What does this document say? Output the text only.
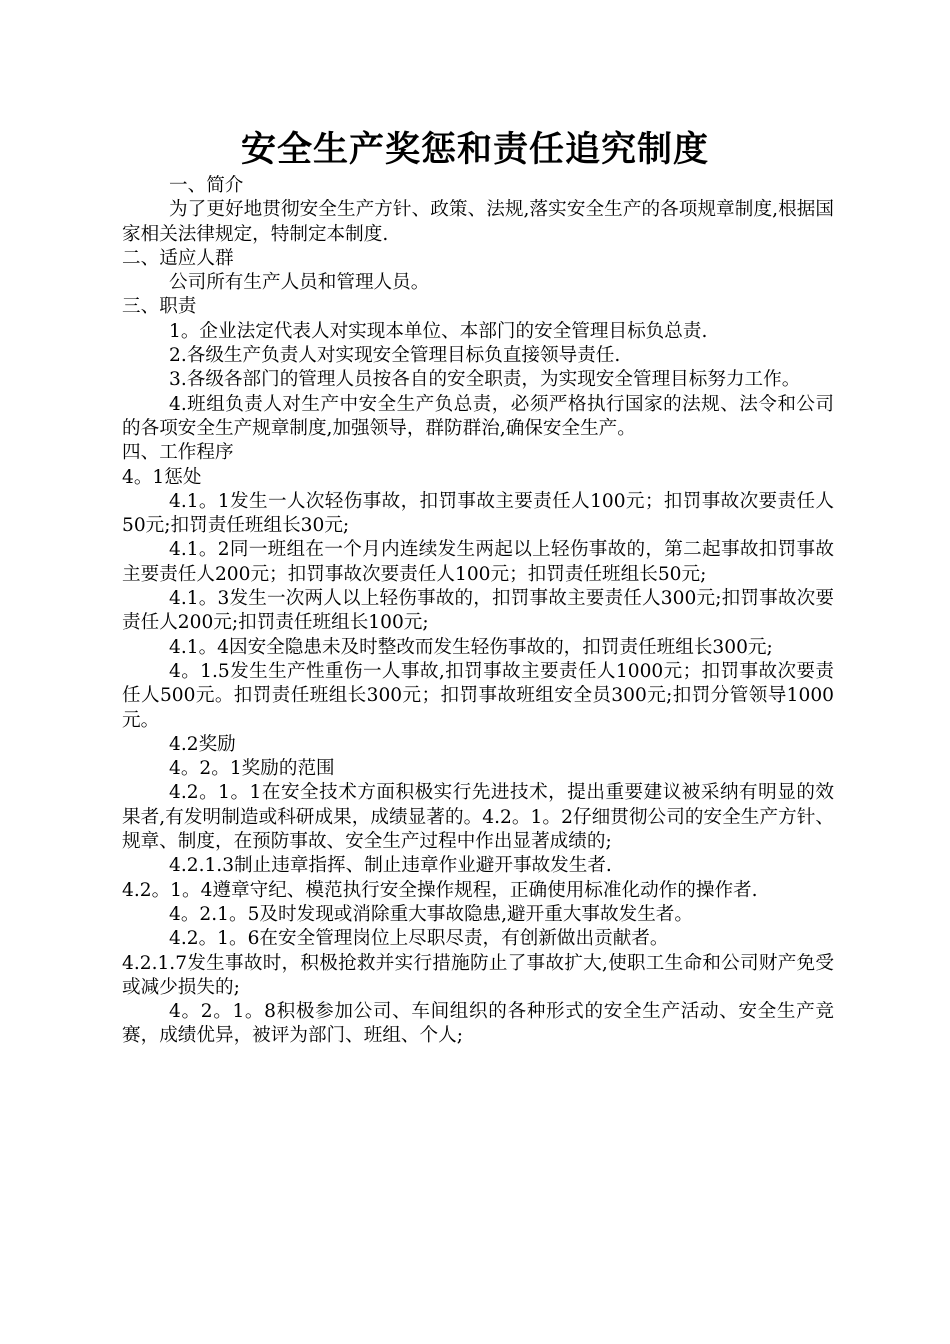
安全生产奖惩和责任追究制度

一、简介

为了更好地贯彻安全生产方针、政策、法规,落实安全生产的各项规章制度,根据国家相关法律规定，特制定本制度.

二、适应人群

公司所有生产人员和管理人员。

三、职责

1。企业法定代表人对实现本单位、本部门的安全管理目标负总责.

2.各级生产负责人对实现安全管理目标负直接领导责任.

3.各级各部门的管理人员按各自的安全职责，为实现安全管理目标努力工作。

4.班组负责人对生产中安全生产负总责，必须严格执行国家的法规、法令和公司的各项安全生产规章制度,加强领导，群防群治,确保安全生产。

四、工作程序

4。1惩处

4.1。1发生一人次轻伤事故，扣罚事故主要责任人100元；扣罚事故次要责任人50元;扣罚责任班组长30元;

4.1。2同一班组在一个月内连续发生两起以上轻伤事故的，第二起事故扣罚事故主要责任人200元；扣罚事故次要责任人100元；扣罚责任班组长50元;

4.1。3发生一次两人以上轻伤事故的，扣罚事故主要责任人300元;扣罚事故次要责任人200元;扣罚责任班组长100元;

4.1。4因安全隐患未及时整改而发生轻伤事故的，扣罚责任班组长300元;

4。1.5发生生产性重伤一人事故,扣罚事故主要责任人1000元；扣罚事故次要责任人500元。扣罚责任班组长300元；扣罚事故班组安全员300元;扣罚分管领导1000元。

4.2奖励

4。2。1奖励的范围

4.2。1。1在安全技术方面积极实行先进技术，提出重要建议被采纳有明显的效果者,有发明制造或科研成果，成绩显著的。4.2。1。2仔细贯彻公司的安全生产方针、规章、制度，在预防事故、安全生产过程中作出显著成绩的;

4.2.1.3制止违章指挥、制止违章作业避开事故发生者.

4.2。1。4遵章守纪、模范执行安全操作规程，正确使用标准化动作的操作者.

4。2.1。5及时发现或消除重大事故隐患,避开重大事故发生者。

4.2。1。6在安全管理岗位上尽职尽责，有创新做出贡献者。

4.2.1.7发生事故时，积极抢救并实行措施防止了事故扩大,使职工生命和公司财产免受或减少损失的;

4。2。1。8积极参加公司、车间组织的各种形式的安全生产活动、安全生产竞赛，成绩优异，被评为部门、班组、个人;
